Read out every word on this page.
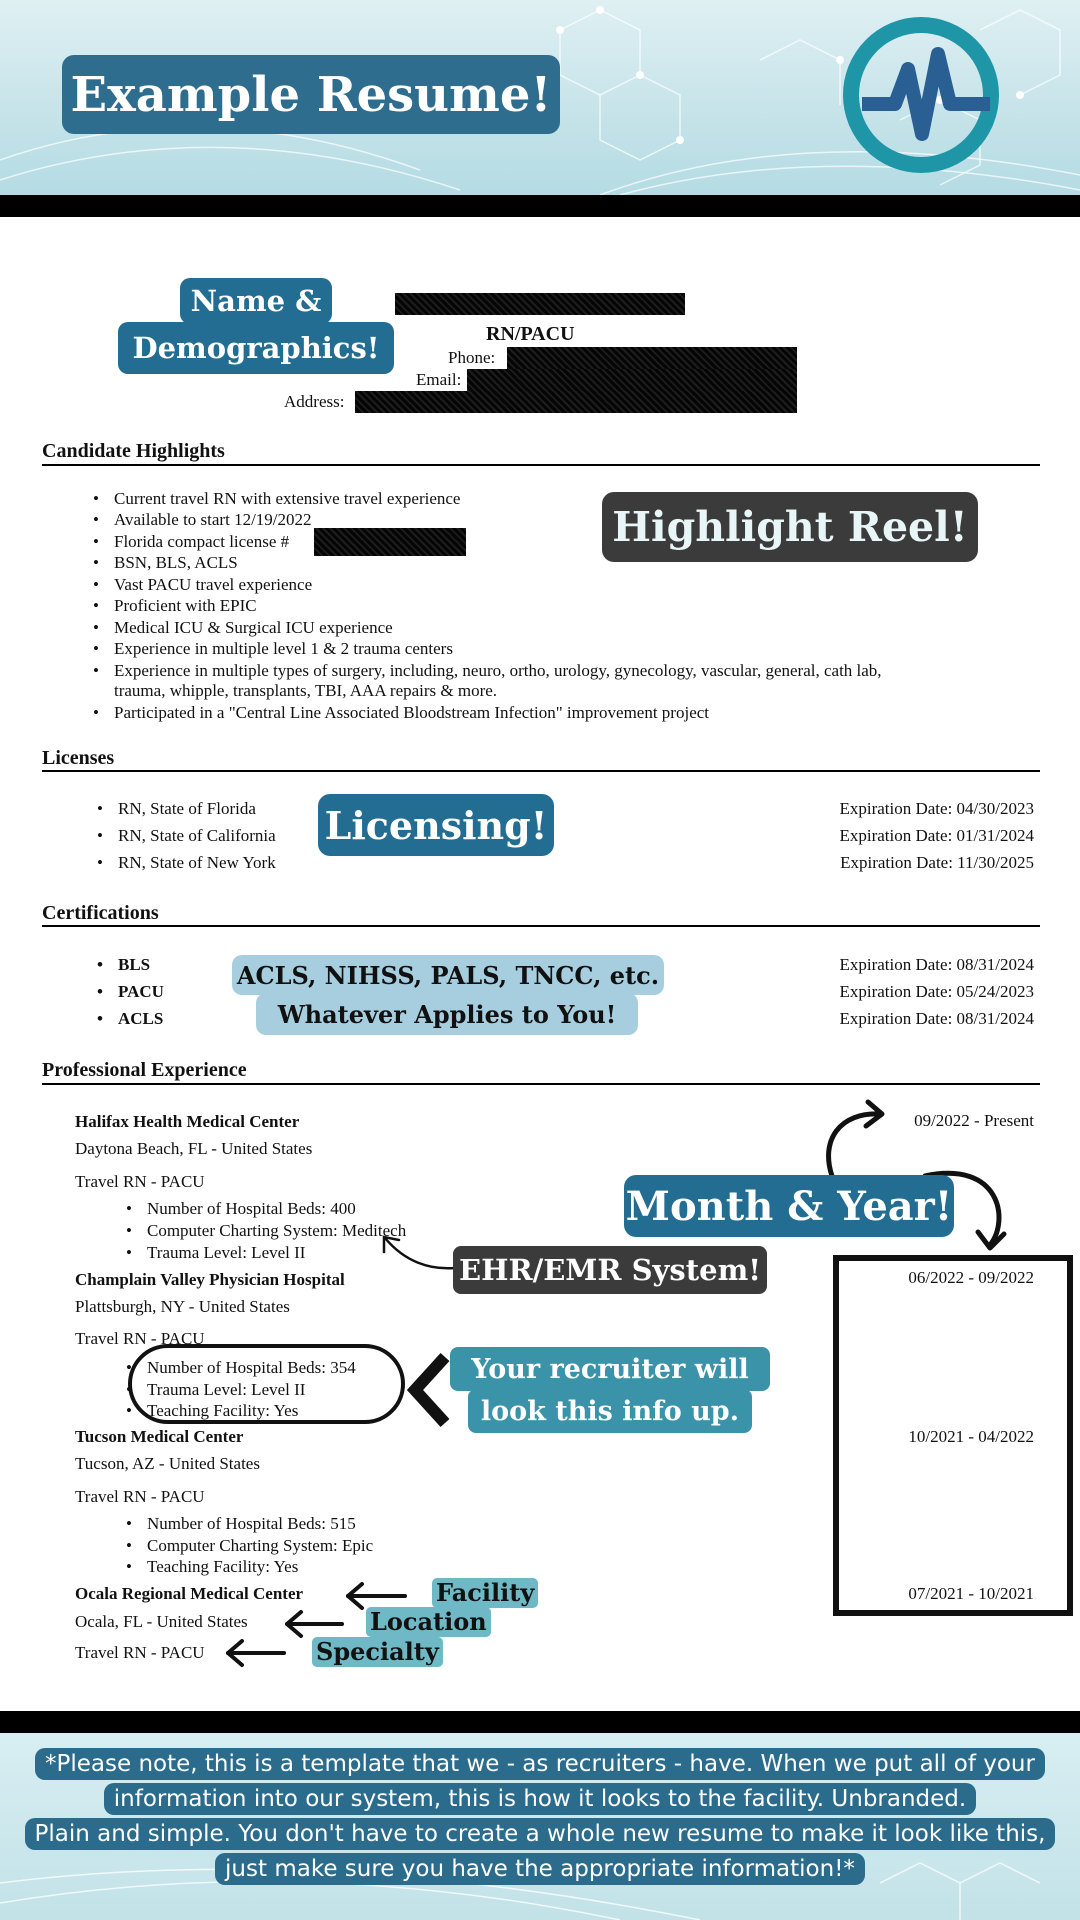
Example Resume!
Name &
Demographics!	RN/PACU
Phone:
Email:
Address:
Candidate Highlights
• Current travel RN with extensive travel experience
• Available to start 12/19/2022
• Florida compact license #
• BSN, BLS, ACLS
• Vast PACU travel experience
• Proficient with EPIC
• Medical ICU & Surgical ICU experience
• Experience in multiple level 1 & 2 trauma centers
• Experience in multiple types of surgery, including, neuro, ortho, urology, gynecology, vascular, general, cath lab,
trauma, whipple, transplants, TBI, AAA repairs & more.
• Participated in a "Central Line Associated Bloodstream Infection" improvement project
Highlight Reel!
Licenses
• RN, State of Florida
• RN, State of California
• RN, State of New York
Expiration Date: 04/30/2023
Expiration Date: 01/31/2024
Expiration Date: 11/30/2025
Licensing!
Certifications
• BLS
• PACU
• ACLS
Expiration Date: 08/31/2024
Expiration Date: 05/24/2023
Expiration Date: 08/31/2024
ACLS, NIHSS, PALS, TNCC, etc.
Whatever Applies to You!
Professional Experience
Halifax Health Medical Center
Daytona Beach, FL - United States
Travel RN - PACU
• Number of Hospital Beds: 400
• Computer Charting System: Meditech
• Trauma Level: Level II
09/2022 - Present
Champlain Valley Physician Hospital
Plattsburgh, NY - United States
Travel RN - PACU
• Number of Hospital Beds: 354
• Trauma Level: Level II
• Teaching Facility: Yes
Tucson Medical Center
Tucson, AZ - United States
Travel RN - PACU
• Number of Hospital Beds: 515
• Computer Charting System: Epic
• Teaching Facility: Yes
Ocala Regional Medical Center
Ocala, FL - United States
Travel RN - PACU
06/2022 - 09/2022
10/2021 - 04/2022
07/2021 - 10/2021
Month & Year!
EHR/EMR System!
Your recruiter will
look this info up.
Facility
Location
Specialty
*Please note, this is a template that we - as recruiters - have. When we put all of your
information into our system, this is how it looks to the facility. Unbranded.
Plain and simple. You don't have to create a whole new resume to make it look like this,
just make sure you have the appropriate information!*
